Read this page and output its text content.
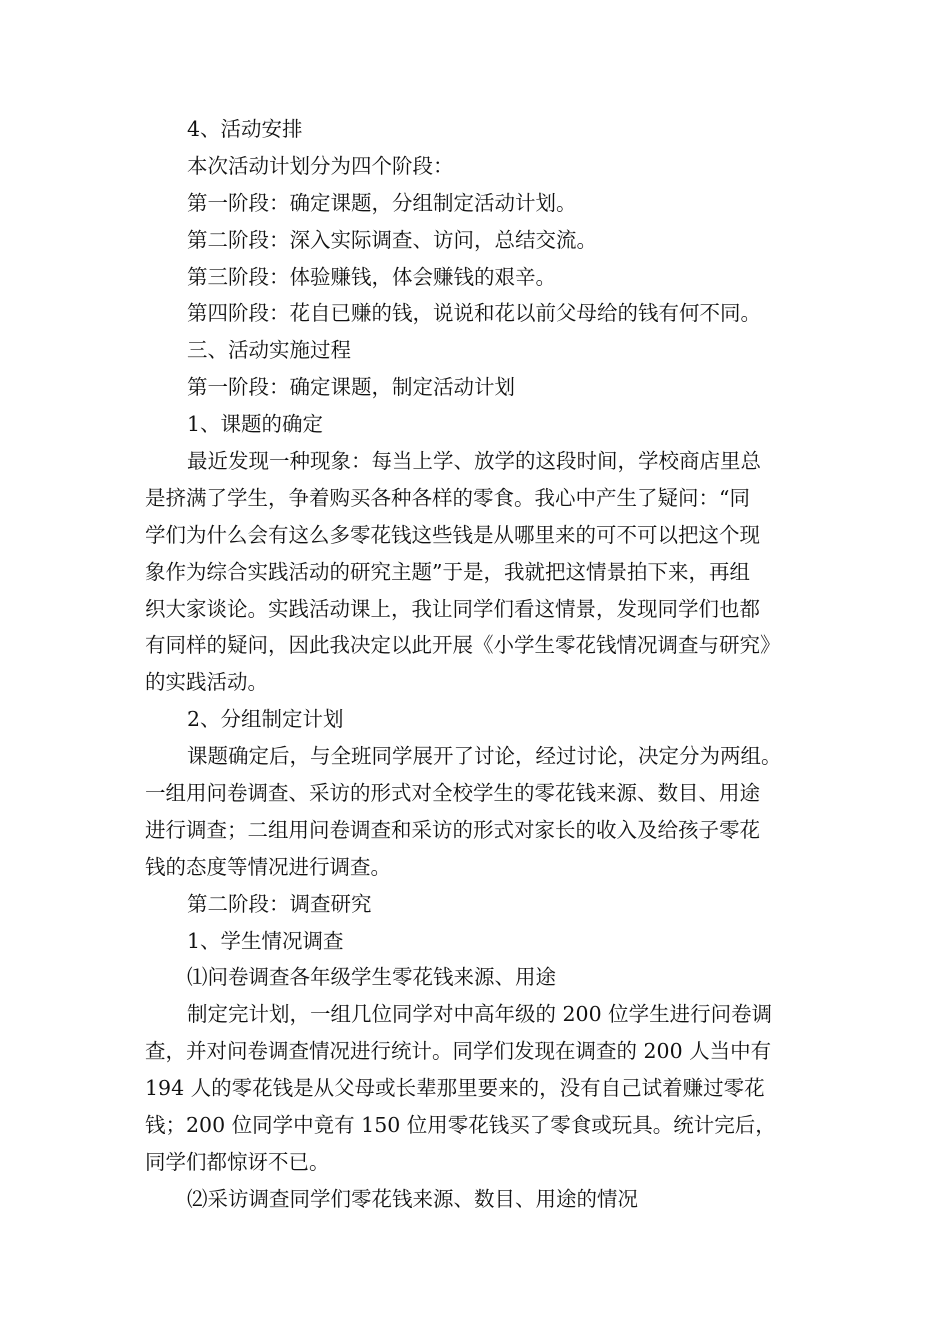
4、活动安排
本次活动计划分为四个阶段：
第一阶段：确定课题，分组制定活动计划。
第二阶段：深入实际调查、访问，总结交流。
第三阶段：体验赚钱，体会赚钱的艰辛。
第四阶段：花自已赚的钱，说说和花以前父母给的钱有何不同。
三、活动实施过程
第一阶段：确定课题，制定活动计划
1、课题的确定
最近发现一种现象：每当上学、放学的这段时间，学校商店里总
是挤满了学生，争着购买各种各样的零食。我心中产生了疑问：“同
学们为什么会有这么多零花钱这些钱是从哪里来的可不可以把这个现
象作为综合实践活动的研究主题”于是，我就把这情景拍下来，再组
织大家谈论。实践活动课上，我让同学们看这情景，发现同学们也都
有同样的疑问，因此我决定以此开展《小学生零花钱情况调查与研究》
的实践活动。
2、分组制定计划
课题确定后，与全班同学展开了讨论，经过讨论，决定分为两组。
一组用问卷调查、采访的形式对全校学生的零花钱来源、数目、用途
进行调查；二组用问卷调查和采访的形式对家长的收入及给孩子零花
钱的态度等情况进行调查。
第二阶段：调查研究
1、学生情况调查
⑴问卷调查各年级学生零花钱来源、用途
制定完计划，一组几位同学对中高年级的 200 位学生进行问卷调
查，并对问卷调查情况进行统计。同学们发现在调查的 200 人当中有
194 人的零花钱是从父母或长辈那里要来的，没有自己试着赚过零花
钱；200 位同学中竟有 150 位用零花钱买了零食或玩具。统计完后，
同学们都惊讶不已。
⑵采访调查同学们零花钱来源、数目、用途的情况
